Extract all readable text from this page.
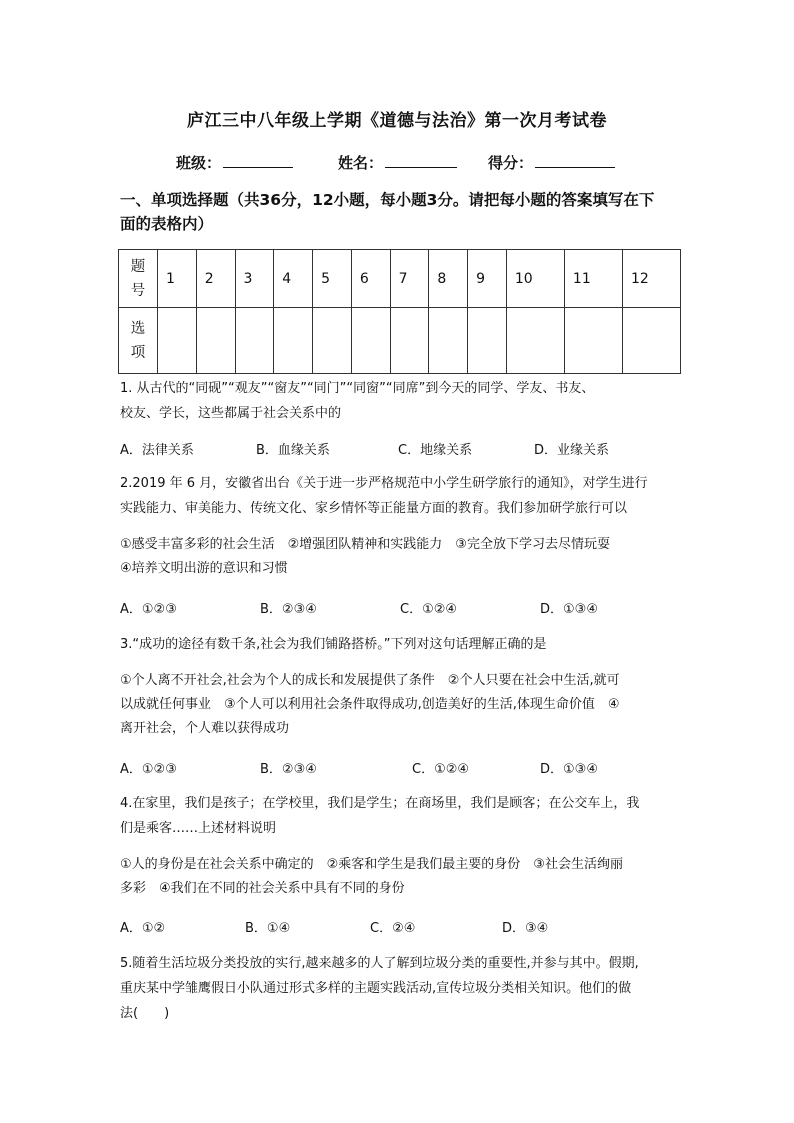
庐江三中八年级上学期《道德与法治》第一次月考试卷
班级：	姓名：	得分：
一、单项选择题（共36分，12小题，每小题3分。请把每小题的答案填写在下
面的表格内）
题
号	1	2	3	4	5	6	7	8	9	10	11	12

选
项												

1. 从古代的“同砚”“观友”“窗友”“同门”“同窗”“同席”到今天的同学、学友、书友、
校友、学长，这些都属于社会关系中的
A．法律关系	B．血缘关系	C．地缘关系	D．业缘关系
2.2019 年 6 月，安徽省出台《关于进一步严格规范中小学生研学旅行的通知》，对学生进行
实践能力、审美能力、传统文化、家乡情怀等正能量方面的教育。我们参加研学旅行可以
①感受丰富多彩的社会生活　②增强团队精神和实践能力　③完全放下学习去尽情玩耍
④培养文明出游的意识和习惯
A．①②③	B．②③④	C．①②④	D．①③④
3.“成功的途径有数千条,社会为我们铺路搭桥。”下列对这句话理解正确的是
①个人离不开社会,社会为个人的成长和发展提供了条件　②个人只要在社会中生活,就可
以成就任何事业　③个人可以利用社会条件取得成功,创造美好的生活,体现生命价值　④
离开社会，个人难以获得成功
A．①②③	B．②③④	C．①②④	D．①③④
4.在家里，我们是孩子；在学校里，我们是学生；在商场里，我们是顾客；在公交车上，我
们是乘客……上述材料说明
①人的身份是在社会关系中确定的　②乘客和学生是我们最主要的身份　③社会生活绚丽
多彩　④我们在不同的社会关系中具有不同的身份
A．①②	B．①④	C．②④	D．③④
5.随着生活垃圾分类投放的实行,越来越多的人了解到垃圾分类的重要性,并参与其中。假期,
重庆某中学雏鹰假日小队通过形式多样的主题实践活动,宣传垃圾分类相关知识。他们的做
法(　　)
